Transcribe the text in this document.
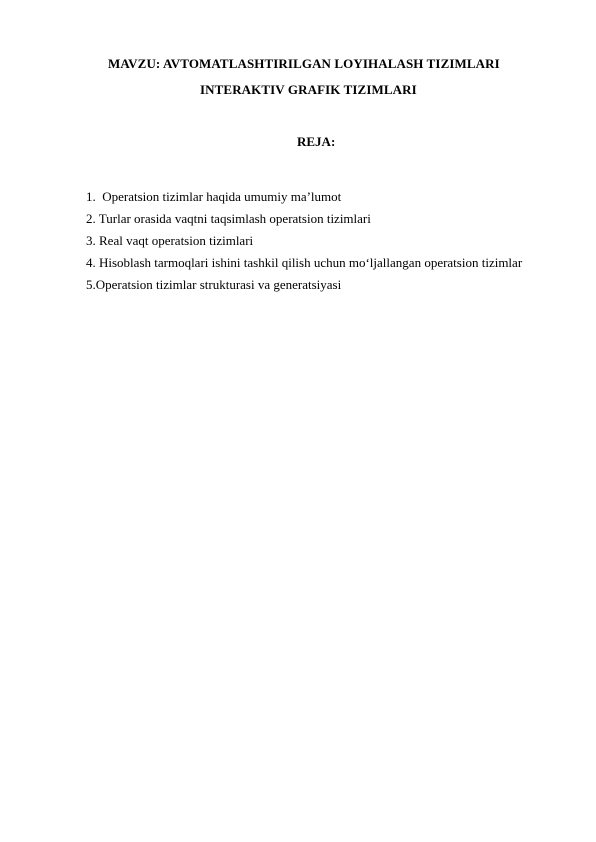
MAVZU: AVTOMATLASHTIRILGAN LOYIHALASH TIZIMLARI
INTERAKTIV GRAFIK TIZIMLARI
REJA:
1.  Operatsion tizimlar haqida umumiy ma’lumot
2. Turlar orasida vaqtni taqsimlash operatsion tizimlari
3. Real vaqt operatsion tizimlari
4. Hisoblash tarmoqlari ishini tashkil qilish uchun mo‘ljallangan operatsion tizimlar
5.Operatsion tizimlar strukturasi va generatsiyasi
